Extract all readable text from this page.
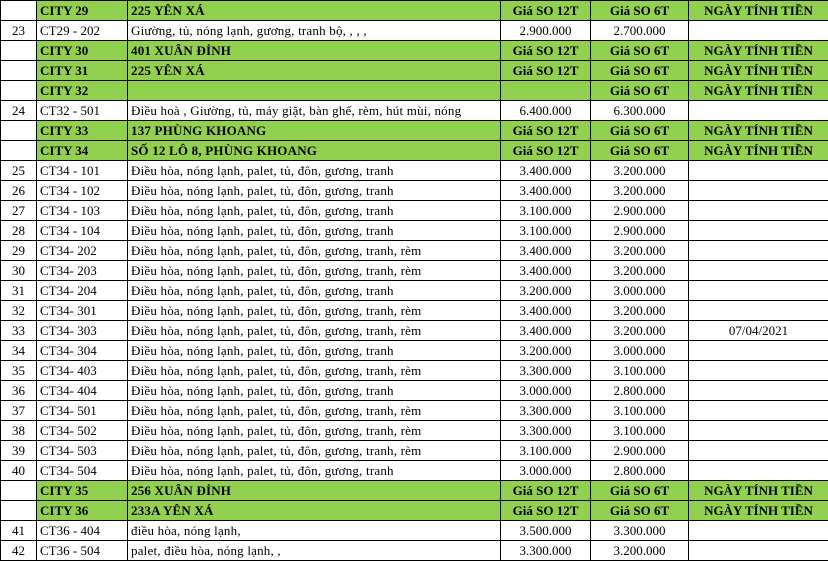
	CITY 29	225 YÊN XÁ	Giá SO 12T	Giá SO 6T	NGÀY TÍNH TIỀN
23	CT29 - 202	Giường, tủ, nóng lạnh, gương, tranh bộ, , , ,	2.900.000	2.700.000	
	CITY 30	401 XUÂN ĐỈNH	Giá SO 12T	Giá SO 6T	NGÀY TÍNH TIỀN
	CITY 31	225 YÊN XÁ	Giá SO 12T	Giá SO 6T	NGÀY TÍNH TIỀN
	CITY 32			Giá SO 6T	NGÀY TÍNH TIỀN
24	CT32 - 501	Điều hoà , Giường, tủ, máy giặt, bàn ghế, rèm, hút mùi, nóng	6.400.000	6.300.000	
	CITY 33	137 PHÙNG KHOANG	Giá SO 12T	Giá SO 6T	NGÀY TÍNH TIỀN
	CITY 34	SỐ 12 LÔ 8, PHÙNG KHOANG	Giá SO 12T	Giá SO 6T	NGÀY TÍNH TIỀN
25	CT34 - 101	Điều hòa, nóng lạnh, palet, tủ, đôn, gương, tranh	3.400.000	3.200.000	
26	CT34 - 102	Điều hòa, nóng lạnh, palet, tủ, đôn, gương, tranh	3.400.000	3.200.000	
27	CT34 - 103	Điều hòa, nóng lạnh, palet, tủ, đôn, gương, tranh	3.100.000	2.900.000	
28	CT34 - 104	Điều hòa, nóng lạnh, palet, tủ, đôn, gương, tranh	3.100.000	2.900.000	
29	CT34- 202	Điều hòa, nóng lạnh, palet, tủ, đôn, gương, tranh, rèm	3.400.000	3.200.000	
30	CT34- 203	Điều hòa, nóng lạnh, palet, tủ, đôn, gương, tranh, rèm	3.400.000	3.200.000	
31	CT34- 204	Điều hòa, nóng lạnh, palet, tủ, đôn, gương, tranh	3.200.000	3.000.000	
32	CT34- 301	Điều hòa, nóng lạnh, palet, tủ, đôn, gương, tranh, rèm	3.400.000	3.200.000	
33	CT34- 303	Điều hòa, nóng lạnh, palet, tủ, đôn, gương, tranh, rèm	3.400.000	3.200.000	07/04/2021
34	CT34- 304	Điều hòa, nóng lạnh, palet, tủ, đôn, gương, tranh	3.200.000	3.000.000	
35	CT34- 403	Điều hòa, nóng lạnh, palet, tủ, đôn, gương, tranh, rèm	3.300.000	3.100.000	
36	CT34- 404	Điều hòa, nóng lạnh, palet, tủ, đôn, gương, tranh	3.000.000	2.800.000	
37	CT34- 501	Điều hòa, nóng lạnh, palet, tủ, đôn, gương, tranh, rèm	3.300.000	3.100.000	
38	CT34- 502	Điều hòa, nóng lạnh, palet, tủ, đôn, gương, tranh, rèm	3.300.000	3.100.000	
39	CT34- 503	Điều hòa, nóng lạnh, palet, tủ, đôn, gương, tranh, rèm	3.100.000	2.900.000	
40	CT34- 504	Điều hòa, nóng lạnh, palet, tủ, đôn, gương, tranh	3.000.000	2.800.000	
	CITY 35	256 XUÂN ĐỈNH	Giá SO 12T	Giá SO 6T	NGÀY TÍNH TIỀN
	CITY 36	233A YÊN XÁ	Giá SO 12T	Giá SO 6T	NGÀY TÍNH TIỀN
41	CT36 - 404	điều hòa, nóng lạnh,	3.500.000	3.300.000	
42	CT36 - 504	palet, điều hòa, nóng lạnh, ,	3.300.000	3.200.000	
